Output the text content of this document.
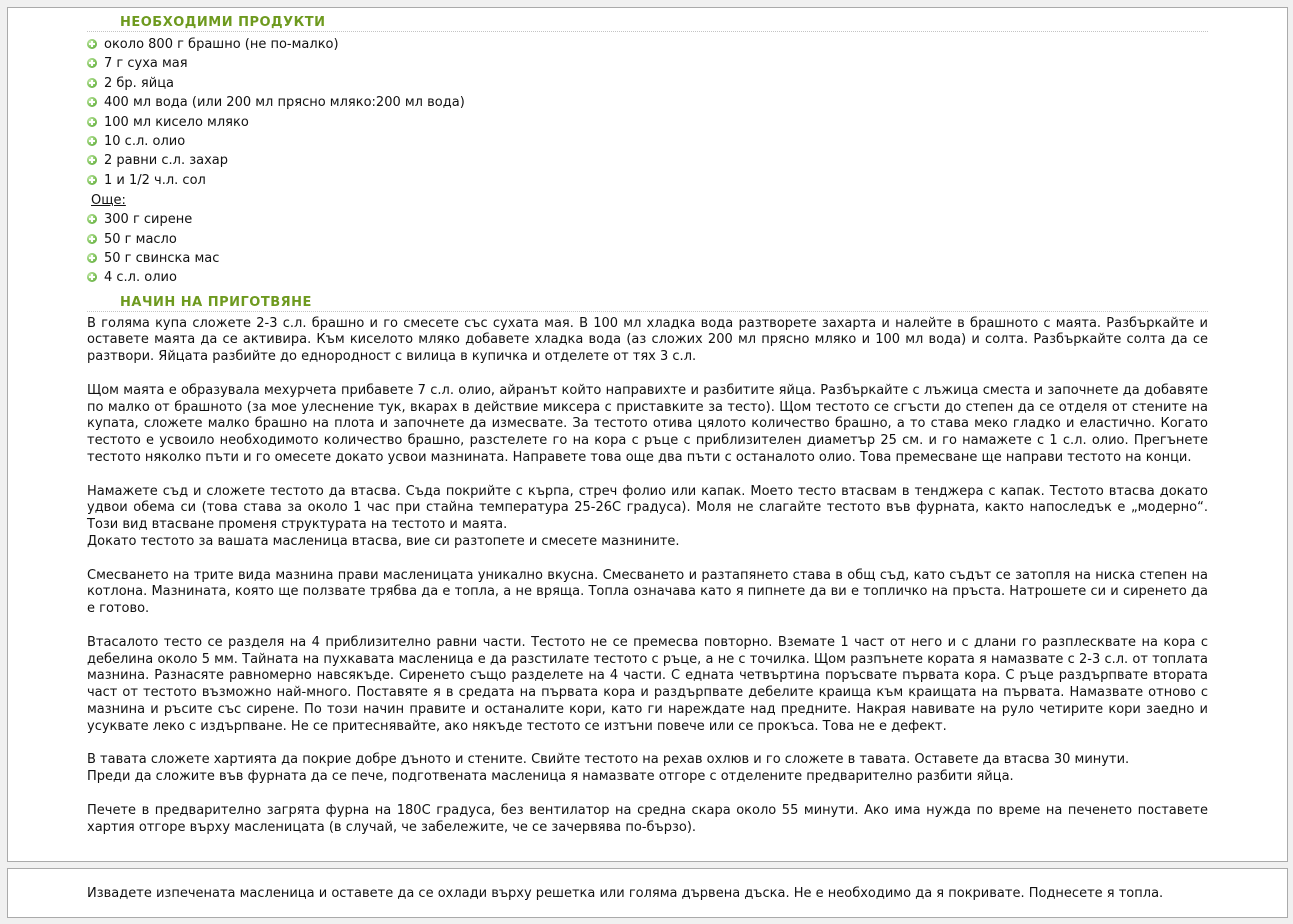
НЕОБХОДИМИ ПРОДУКТИ
около 800 г брашно (не по-малко)
7 г суха мая
2 бр. яйца
400 мл вода (или 200 мл прясно мляко:200 мл вода)
100 мл кисело мляко
10 с.л. олио
2 равни с.л. захар
1 и 1/2 ч.л. сол
Още:
300 г сирене
50 г масло
50 г свинска мас
4 с.л. олио
НАЧИН НА ПРИГОТВЯНЕ

В голяма купа сложете 2-3 с.л. брашно и го смесете със сухата мая. В 100 мл хладка вода разтворете захарта и налейте в брашното с маята. Разбъркайте и оставете маята да се активира. Към киселото мляко добавете хладка вода (аз сложих 200 мл прясно мляко и 100 мл вода) и солта. Разбъркайте солта да се разтвори. Яйцата разбийте до еднородност с вилица в купичка и отделете от тях 3 с.л.

Щом маята е образувала мехурчета прибавете 7 с.л. олио, айранът който направихте и разбитите яйца. Разбъркайте с лъжица сместа и започнете да добавяте по малко от брашното (за мое улеснение тук, вкарах в действие миксера с приставките за тесто). Щом тестото се сгъсти до степен да се отделя от стените на купата, сложете малко брашно на плота и започнете да измесвате. За тестото отива цялото количество брашно, а то става меко гладко и еластично. Когато тестото е усвоило необходимото количество брашно, разстелете го на кора с ръце с приблизителен диаметър 25 см. и го намажете с 1 с.л. олио. Прегънете тестото няколко пъти и го омесете докато усвои мазнината. Направете това още два пъти с останалото олио. Това премесване ще направи тестото на конци.

Намажете съд и сложете тестото да втасва. Съда покрийте с кърпа, стреч фолио или капак. Моето тесто втасвам в тенджера с капак. Тестото втасва докато удвои обема си (това става за около 1 час при стайна температура 25-26С градуса). Моля не слагайте тестото във фурната, както напоследък е „модерно“. Този вид втасване променя структурата на тестото и маята.
Докато тестото за вашата масленица втасва, вие си разтопете и смесете мазнините.

Смесването на трите вида мазнина прави масленицата уникално вкусна. Смесването и разтапянето става в общ съд, като съдът се затопля на ниска степен на котлона. Мазнината, която ще ползвате трябва да е топла, а не вряща. Топла означава като я пипнете да ви е топличко на пръста. Натрошете си и сиренето да е готово.

Втасалото тесто се разделя на 4 приблизително равни части. Тестото не се премесва повторно. Вземате 1 част от него и с длани го разплесквате на кора с дебелина около 5 мм. Тайната на пухкавата масленица е да разстилате тестото с ръце, а не с точилка. Щом разпънете кората я намазвате с 2-3 с.л. от топлата мазнина. Разнасяте равномерно навсякъде. Сиренето също разделете на 4 части. С едната четвъртина поръсвате първата кора. С ръце раздърпвате втората част от тестото възможно най-много. Поставяте я в средата на първата кора и раздърпвате дебелите краища към краищата на първата. Намазвате отново с мазнина и ръсите със сирене. По този начин правите и останалите кори, като ги нареждате над предните. Накрая навивате на руло четирите кори заедно и усуквате леко с издърпване. Не се притеснявайте, ако някъде тестото се изтъни повече или се прокъса. Това не е дефект.

В тавата сложете хартията да покрие добре дъното и стените. Свийте тестото на рехав охлюв и го сложете в тавата. Оставете да втасва 30 минути.
Преди да сложите във фурната да се пече, подготвената масленица я намазвате отгоре с отделените предварително разбити яйца.

Печете в предварително загрята фурна на 180С градуса, без вентилатор на средна скара около 55 минути. Ако има нужда по време на печенето поставете хартия отгоре върху масленицата (в случай, че забележите, че се зачервява по-бързо).

Извадете изпечената масленица и оставете да се охлади върху решетка или голяма дървена дъска. Не е необходимо да я покривате. Поднесете я топла.
